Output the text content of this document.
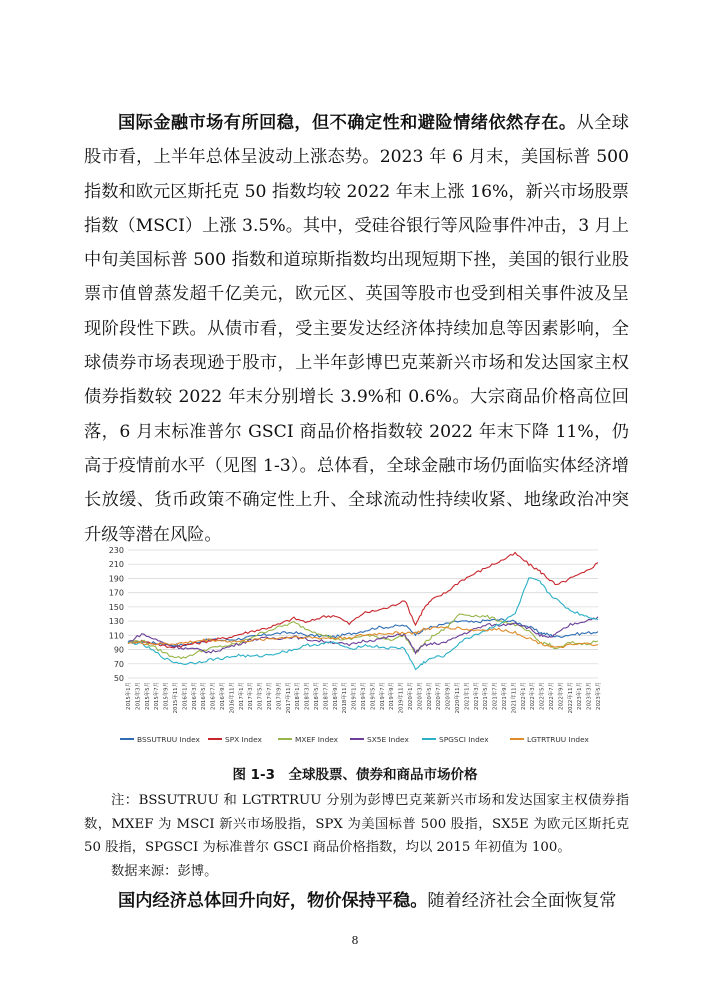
国际金融市场有所回稳，但不确定性和避险情绪依然存在。从全球股市看，上半年总体呈波动上涨态势。2023 年 6 月末，美国标普 500 指数和欧元区斯托克 50 指数均较 2022 年末上涨 16%，新兴市场股票指数（MSCI）上涨 3.5%。其中，受硅谷银行等风险事件冲击，3 月上中旬美国标普 500 指数和道琼斯指数均出现短期下挫，美国的银行业股票市值曾蒸发超千亿美元，欧元区、英国等股市也受到相关事件波及呈现阶段性下跌。从债市看，受主要发达经济体持续加息等因素影响，全球债券市场表现逊于股市，上半年彭博巴克莱新兴市场和发达国家主权债券指数较 2022 年末分别增长 3.9%和 0.6%。大宗商品价格高位回落，6 月末标准普尔 GSCI 商品价格指数较 2022 年末下降 11%，仍高于疫情前水平（见图 1-3）。总体看，全球金融市场仍面临实体经济增长放缓、货币政策不确定性上升、全球流动性持续收紧、地缘政治冲突升级等潜在风险。

230
210
190
170
150
130
110
90
70
50
2015年1月 2015年3月 2015年5月 2015年7月 2015年9月 2015年11月 2016年1月 2016年3月 2016年5月 2016年7月 2016年9月 2016年11月 2017年1月 2017年3月 2017年5月 2017年7月 2017年9月 2017年11月 2018年1月 2018年3月 2018年5月 2018年7月 2018年9月 2018年11月 2019年1月 2019年3月 2019年5月 2019年7月 2019年9月 2019年11月 2020年1月 2020年3月 2020年5月 2020年7月 2020年9月 2020年11月 2021年1月 2021年3月 2021年5月 2021年7月 2021年9月 2021年11月 2022年1月 2022年3月 2022年5月 2022年7月 2022年9月 2022年11月 2023年1月 2023年3月 2023年5月
BSSUTRUU Index	SPX Index	MXEF Index	SX5E Index	SPGSCI Index	LGTRTRUU Index
图 1-3　全球股票、债券和商品市场价格

注：BSSUTRUU 和 LGTRTRUU 分别为彭博巴克莱新兴市场和发达国家主权债券指数，MXEF 为 MSCI 新兴市场股指，SPX 为美国标普 500 股指，SX5E 为欧元区斯托克 50 股指，SPGSCI 为标准普尔 GSCI 商品价格指数，均以 2015 年初值为 100。

数据来源：彭博。

国内经济总体回升向好，物价保持平稳。随着经济社会全面恢复常

8
